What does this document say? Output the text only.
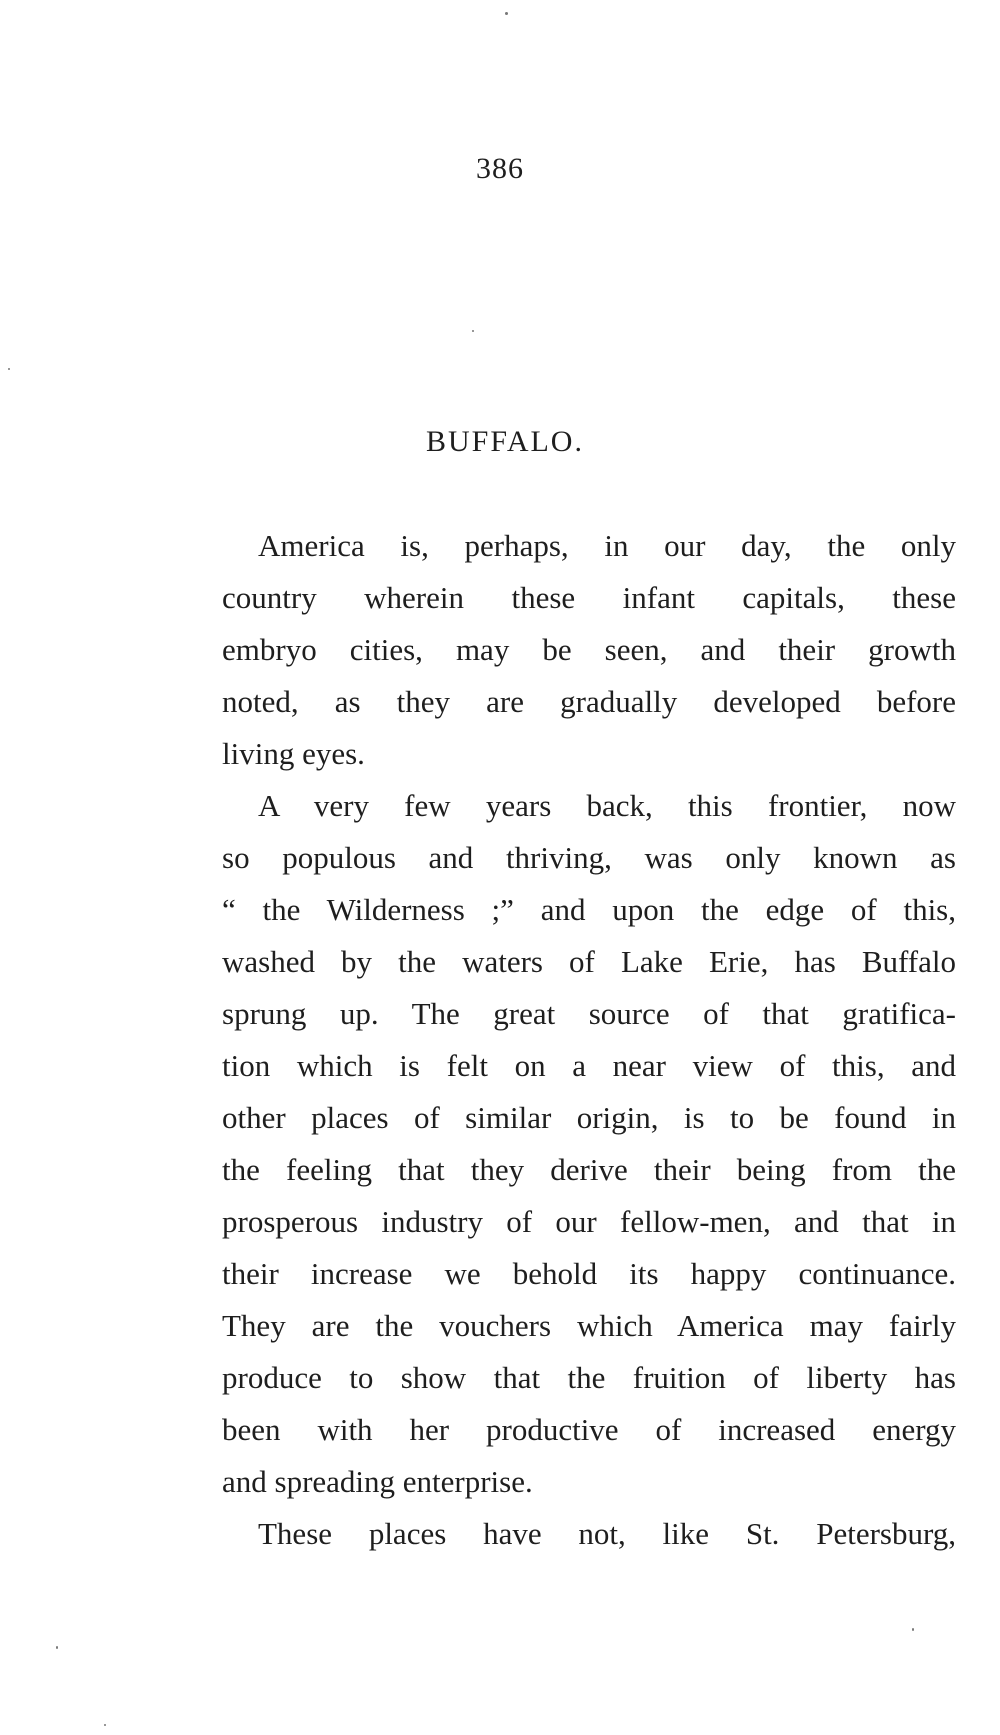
386
BUFFALO.
America is, perhaps, in our day, the only
country wherein these infant capitals, these
embryo cities, may be seen, and their growth
noted, as they are gradually developed before
living eyes.
A very few years back, this frontier, now
so populous and thriving, was only known as
“ the Wilderness ;” and upon the edge of this,
washed by the waters of Lake Erie, has Buffalo
sprung up. The great source of that gratifica-
tion which is felt on a near view of this, and
other places of similar origin, is to be found in
the feeling that they derive their being from the
prosperous industry of our fellow-men, and that in
their increase we behold its happy continuance.
They are the vouchers which America may fairly
produce to show that the fruition of liberty has
been with her productive of increased energy
and spreading enterprise.
These places have not, like St. Petersburg,
